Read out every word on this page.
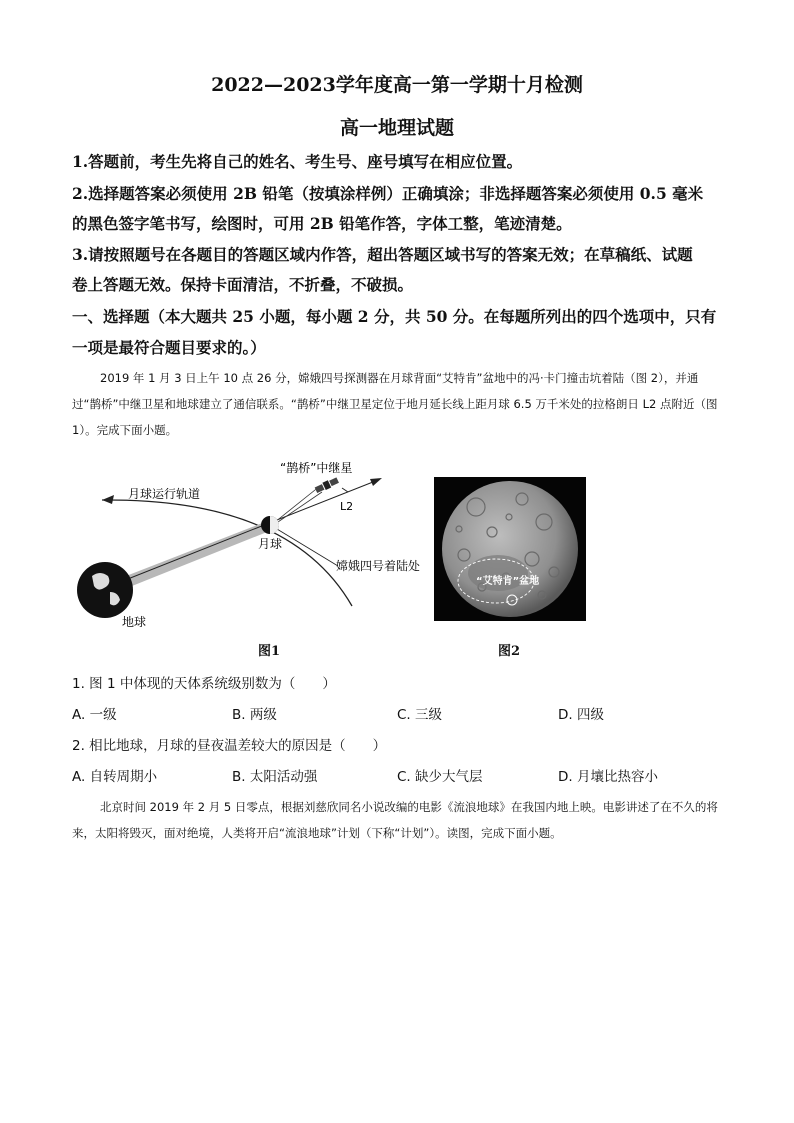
2022—2023学年度高一第一学期十月检测
高一地理试题
1.答题前，考生先将自己的姓名、考生号、座号填写在相应位置。
2.选择题答案必须使用 2B 铅笔（按填涂样例）正确填涂；非选择题答案必须使用 0.5 毫米
的黑色签字笔书写，绘图时，可用 2B 铅笔作答，字体工整，笔迹清楚。
3.请按照题号在各题目的答题区域内作答，超出答题区域书写的答案无效；在草稿纸、试题
卷上答题无效。保持卡面清洁，不折叠，不破损。
一、选择题（本大题共 25 小题，每小题 2 分，共 50 分。在每题所列出的四个选项中，只有
一项是最符合题目要求的。）
2019 年 1 月 3 日上午 10 点 26 分，嫦娥四号探测器在月球背面“艾特肯”盆地中的冯·卡门撞击坑着陆（图 2），并通过“鹊桥”中继卫星和地球建立了通信联系。“鹊桥”中继卫星定位于地月延长线上距月球 6.5 万千米处的拉格朗日 L2 点附近（图 1）。完成下面小题。
“鹊桥”中继星
月球运行轨道
L2
月球
嫦娥四号着陆处
地球
图1
“艾特肯”盆地
图2
1. 图 1 中体现的天体系统级别数为（　　）
A. 一级	B. 两级	C. 三级	D. 四级
2. 相比地球，月球的昼夜温差较大的原因是（　　）
A. 自转周期小	B. 太阳活动强	C. 缺少大气层	D. 月壤比热容小
北京时间 2019 年 2 月 5 日零点，根据刘慈欣同名小说改编的电影《流浪地球》在我国内地上映。电影讲述了在不久的将来，太阳将毁灭，面对绝境，人类将开启“流浪地球”计划（下称“计划”）。读图，完成下面小题。
